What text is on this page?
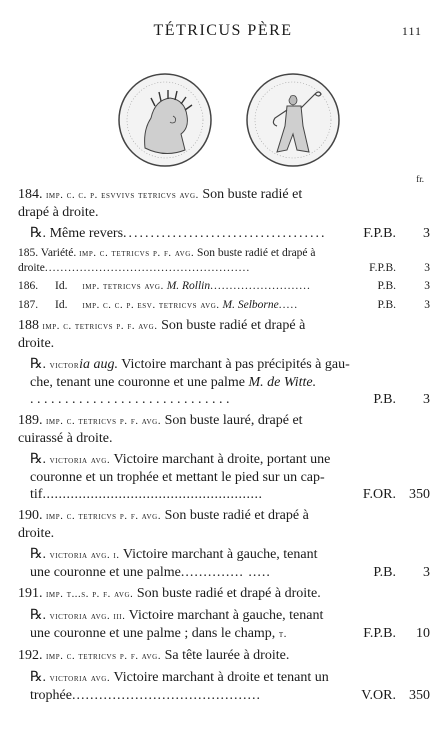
TÉTRICUS PÈRE	111
fr.
184. imp. c. c. p. esvvivs tetricvs avg. Son buste radié et
drapé à droite.
℞. Même revers.....................................	F.P.B. 3
185. Variété. imp. c. tetricvs p. f. avg. Son buste radié et drapé à
droite.....................................................	F.P.B. 3
186. Id. imp. tetricvs avg. M. Rollin..........................	P.B. 3
187. Id. imp. c. c. p. esv. tetricvs avg. M. Selborne.....	P.B. 3
188 imp. c. tetricvs p. f. avg. Son buste radié et drapé à
droite.
℞. victoria aug. Victoire marchant à pas précipités à gau-
che, tenant une couronne et une palme M. de Witte.
. . . . . . . . . . . . . . . . . . . . . . . . . . . . .	P.B. 3
189. imp. c. tetricvs p. f. avg. Son buste lauré, drapé et
cuirassé à droite.
℞. victoria avg. Victoire marchant à droite, portant une
couronne et un trophée et mettant le pied sur un cap-
tif.......................................................	F.OR. 350
190. imp. c. tetricvs p. f. avg. Son buste radié et drapé à
droite.
℞. victoria avg. i. Victoire marchant à gauche, tenant
une couronne et une palme.............. .....	P.B. 3
191. imp. t...s. p. f. avg. Son buste radié et drapé à droite.
℞. victoria avg. iii. Victoire marchant à gauche, tenant
une couronne et une palme ; dans le champ, t.	F.P.B. 10
192. imp. c. tetricvs p. f. avg. Sa tête laurée à droite.
℞. victoria avg. Victoire marchant à droite et tenant un
trophée..........................................	V.OR. 350
